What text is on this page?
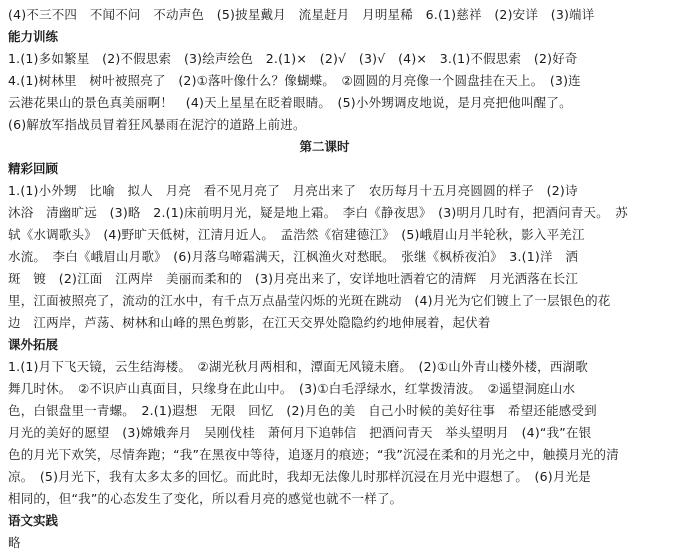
(4)不三不四　不闻不问　不动声色　(5)披星戴月　流星赶月　月明星稀　6.(1)慈祥　(2)安详　(3)端详
能力训练
1.(1)多如繁星　(2)不假思索　(3)绘声绘色　2.(1)×　(2)√　(3)√　(4)×　3.(1)不假思索　(2)好奇
4.(1)树林里　树叶被照亮了　(2)①落叶像什么？像蝴蝶。　②圆圆的月亮像一个圆盘挂在天上。　(3)连
云港花果山的景色真美丽啊！　(4)天上星星在眨着眼睛。　(5)小外甥调皮地说，是月亮把他叫醒了。
(6)解放军指战员冒着狂风暴雨在泥泞的道路上前进。
第二课时
精彩回顾
1.(1)小外甥　比喻　拟人　月亮　看不见月亮了　月亮出来了　农历每月十五月亮圆圆的样子　(2)诗
沐浴　清幽旷远　(3)略　2.(1)床前明月光，疑是地上霜。　李白《静夜思》　(3)明月几时有，把酒问青天。　苏
轼《水调歌头》　(4)野旷天低树，江清月近人。　孟浩然《宿建德江》　(5)峨眉山月半轮秋，影入平羌江
水流。　李白《峨眉山月歌》　(6)月落乌啼霜满天，江枫渔火对愁眠。　张继《枫桥夜泊》　3.(1)洋　洒
斑　镀　(2)江面　江两岸　美丽而柔和的　(3)月亮出来了，安详地吐洒着它的清辉　月光洒落在长江
里，江面被照亮了，流动的江水中，有千点万点晶莹闪烁的光斑在跳动　(4)月光为它们镀上了一层银色的花
边　江两岸，芦荡、树林和山峰的黑色剪影，在江天交界处隐隐约约地伸展着，起伏着
课外拓展
1.(1)月下飞天镜，云生结海楼。　②湖光秋月两相和，潭面无风镜未磨。　(2)①山外青山楼外楼，西湖歌
舞几时休。　②不识庐山真面目，只缘身在此山中。　(3)①白毛浮绿水，红掌拨清波。　②遥望洞庭山水
色，白银盘里一青螺。　2.(1)遐想　无限　回忆　(2)月色的美　自己小时候的美好往事　希望还能感受到
月光的美好的愿望　(3)嫦娥奔月　吴刚伐桂　萧何月下追韩信　把酒问青天　举头望明月　(4)“我”在银
色的月光下欢笑，尽情奔跑；“我”在黑夜中等待，追逐月的痕迹；“我”沉浸在柔和的月光之中，触摸月光的清
凉。　(5)月光下，我有太多太多的回忆。而此时，我却无法像儿时那样沉浸在月光中遐想了。　(6)月光是
相同的，但“我”的心态发生了变化，所以看月亮的感觉也就不一样了。
语文实践
略
